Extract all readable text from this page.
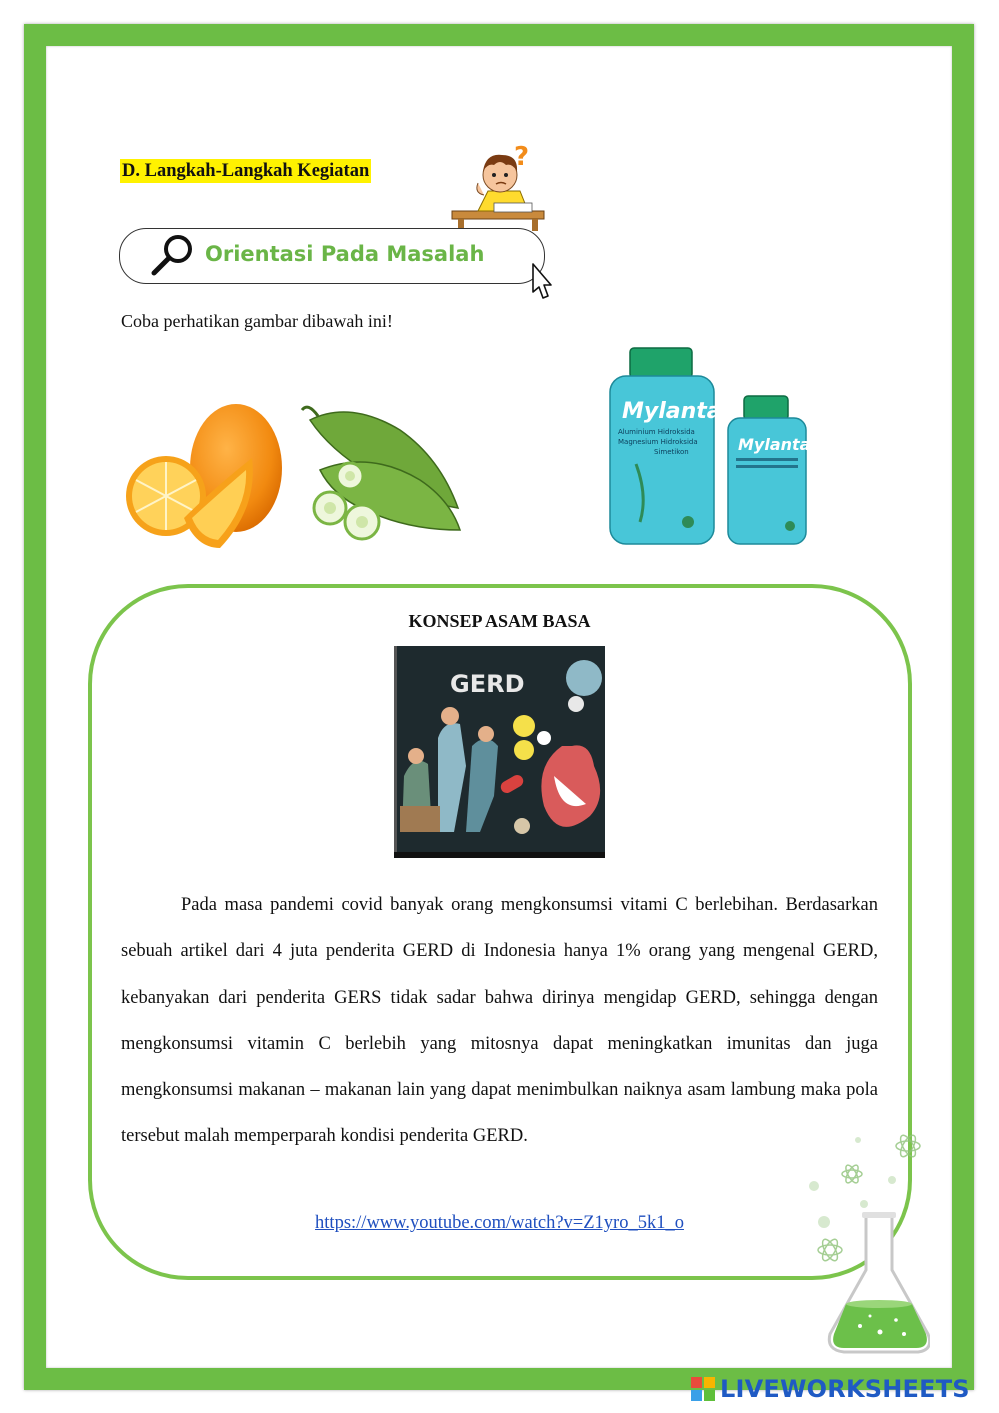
D. Langkah-Langkah Kegiatan	?
Orientasi Pada Masalah
Coba perhatikan gambar dibawah ini!
Mylanta
Aluminium Hidroksida
Magnesium Hidroksida
Simetikon	Mylanta
KONSEP ASAM BASA
GERD

Pada masa pandemi covid banyak orang mengkonsumsi vitami C berlebihan. Berdasarkan sebuah artikel dari 4 juta penderita GERD di Indonesia hanya 1% orang yang mengenal GERD, kebanyakan dari penderita GERS tidak sadar bahwa dirinya mengidap GERD, sehingga dengan mengkonsumsi vitamin C berlebih yang mitosnya dapat meningkatkan imunitas dan juga mengkonsumsi makanan – makanan lain yang dapat menimbulkan naiknya asam lambung maka pola tersebut malah memperparah kondisi penderita GERD.

https://www.youtube.com/watch?v=Z1yro_5k1_o
LIVEWORKSHEETS
